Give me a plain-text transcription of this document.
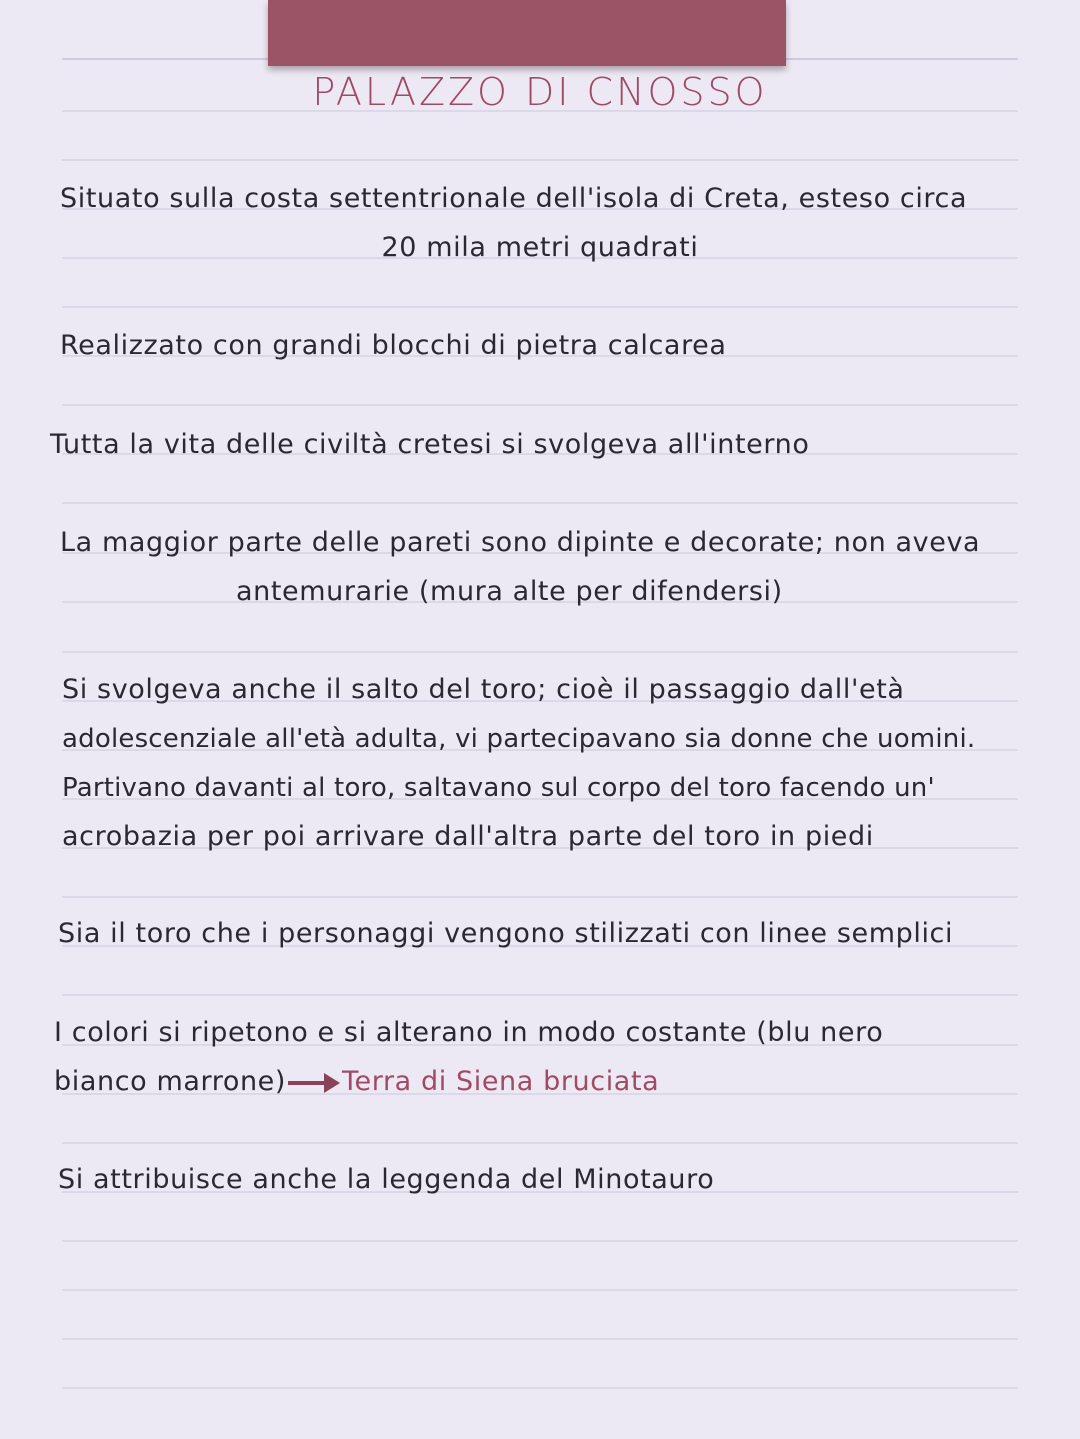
PALAZZO DI CNOSSO
Situato sulla costa settentrionale dell'isola di Creta, esteso circa
20 mila metri quadrati
Realizzato con grandi blocchi di pietra calcarea
Tutta la vita delle civiltà cretesi si svolgeva all'interno
La maggior parte delle pareti sono dipinte e decorate; non aveva
antemurarie (mura alte per difendersi)
Si svolgeva anche il salto del toro; cioè il passaggio dall'età
adolescenziale all'età adulta, vi partecipavano sia donne che uomini.
Partivano davanti al toro, saltavano sul corpo del toro facendo un'
acrobazia per poi arrivare dall'altra parte del toro in piedi
Sia il toro che i personaggi vengono stilizzati con linee semplici
I colori si ripetono e si alterano in modo costante (blu nero
bianco marrone) Terra di Siena bruciata
Si attribuisce anche la leggenda del Minotauro
